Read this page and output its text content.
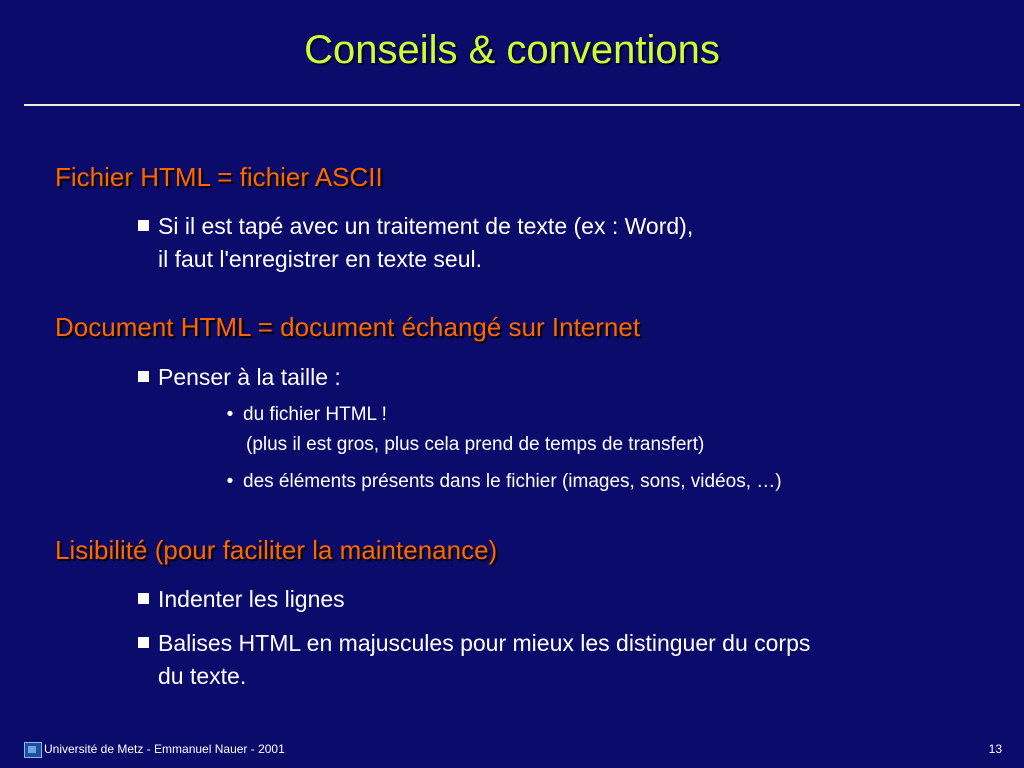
Conseils & conventions
Fichier HTML = fichier ASCII
Si il est tapé avec un traitement de texte (ex : Word),
il faut l'enregistrer en texte seul.
Document HTML = document échangé sur Internet
Penser à la taille :
• du fichier HTML !
(plus il est gros, plus cela prend de temps de transfert)
• des éléments présents dans le fichier (images, sons, vidéos, …)
Lisibilité (pour faciliter la maintenance)
Indenter les lignes
Balises HTML en majuscules pour mieux les distinguer du corps
du texte.
Université de Metz - Emmanuel Nauer - 2001	13
